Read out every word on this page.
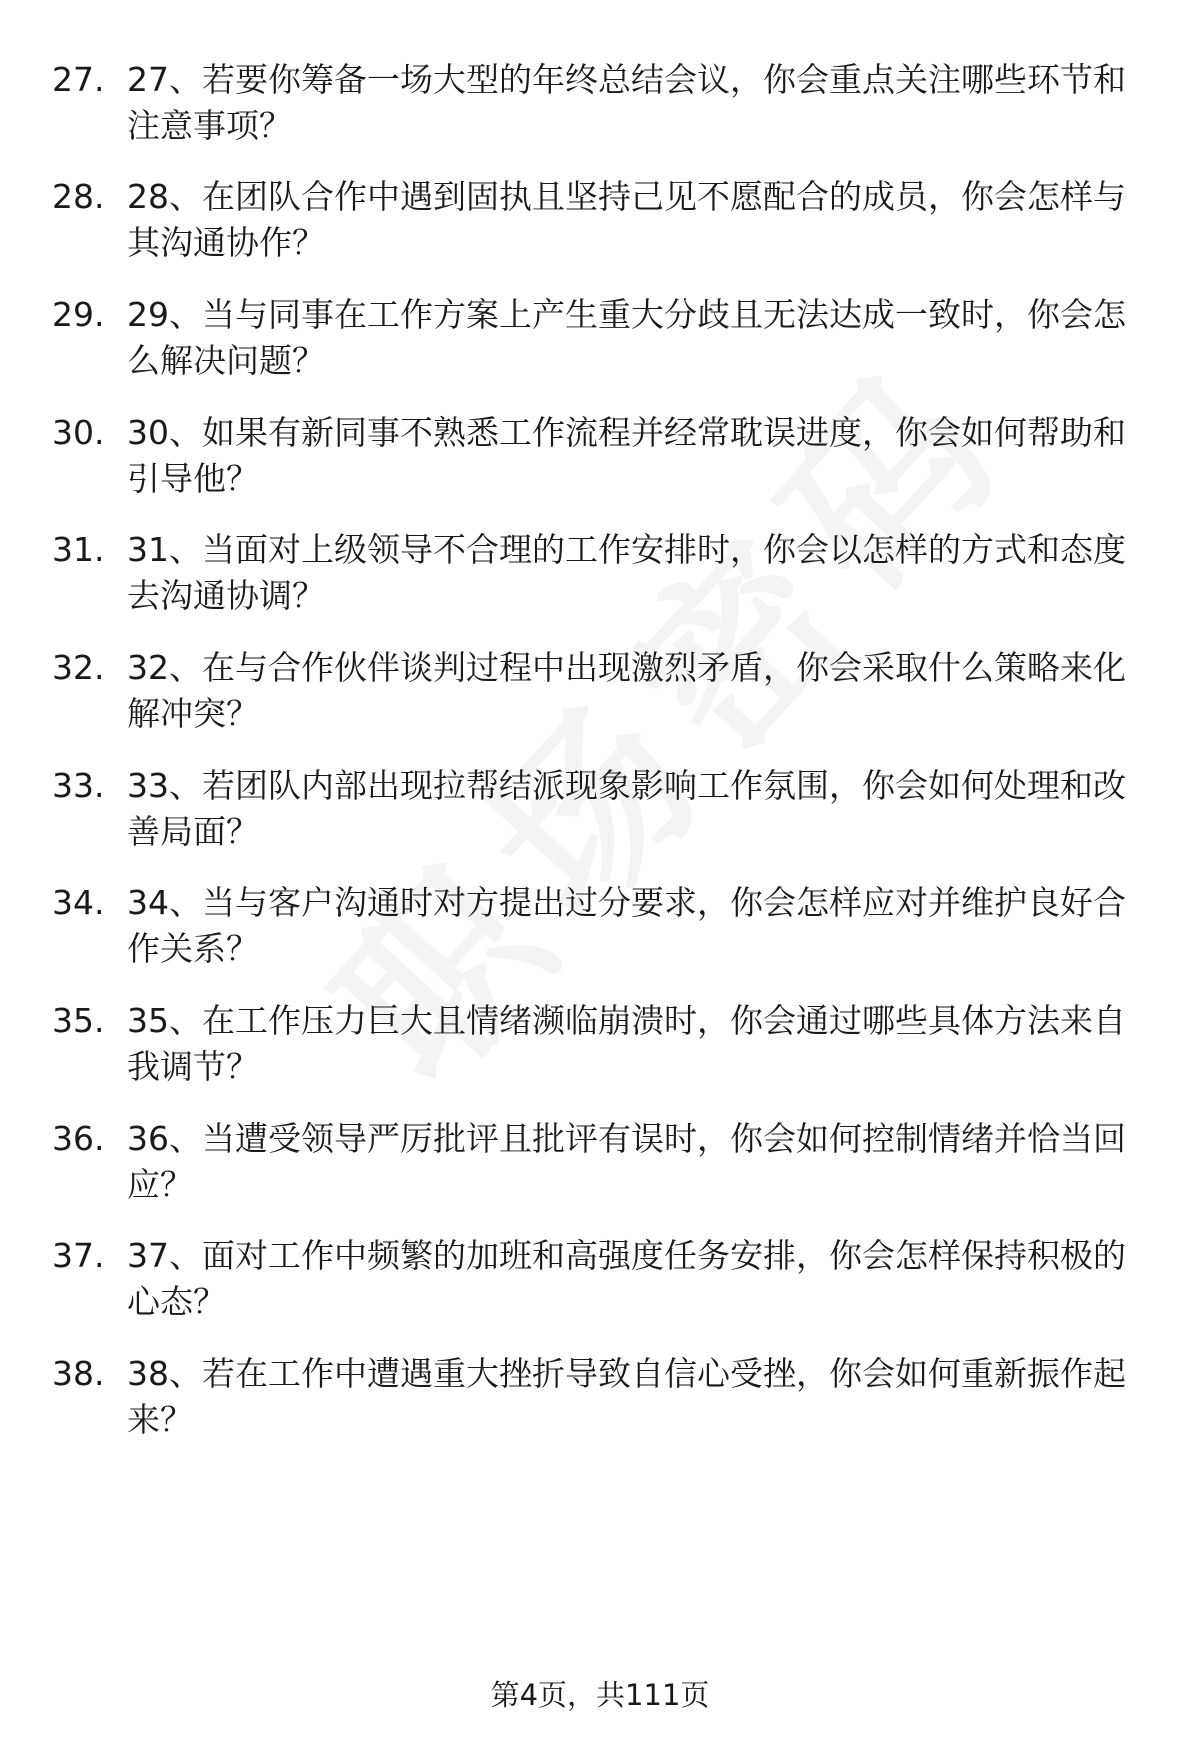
27. 27、若要你筹备一场大型的年终总结会议，你会重点关注哪些环节和注意事项？
28. 28、在团队合作中遇到固执且坚持己见不愿配合的成员，你会怎样与其沟通协作？
29. 29、当与同事在工作方案上产生重大分歧且无法达成一致时，你会怎么解决问题？
30. 30、如果有新同事不熟悉工作流程并经常耽误进度，你会如何帮助和引导他？
31. 31、当面对上级领导不合理的工作安排时，你会以怎样的方式和态度去沟通协调？
32. 32、在与合作伙伴谈判过程中出现激烈矛盾，你会采取什么策略来化解冲突？
33. 33、若团队内部出现拉帮结派现象影响工作氛围，你会如何处理和改善局面？
34. 34、当与客户沟通时对方提出过分要求，你会怎样应对并维护良好合作关系？
35. 35、在工作压力巨大且情绪濒临崩溃时，你会通过哪些具体方法来自我调节？
36. 36、当遭受领导严厉批评且批评有误时，你会如何控制情绪并恰当回应？
37. 37、面对工作中频繁的加班和高强度任务安排，你会怎样保持积极的心态？
38. 38、若在工作中遭遇重大挫折导致自信心受挫，你会如何重新振作起来？
第4页，共111页
